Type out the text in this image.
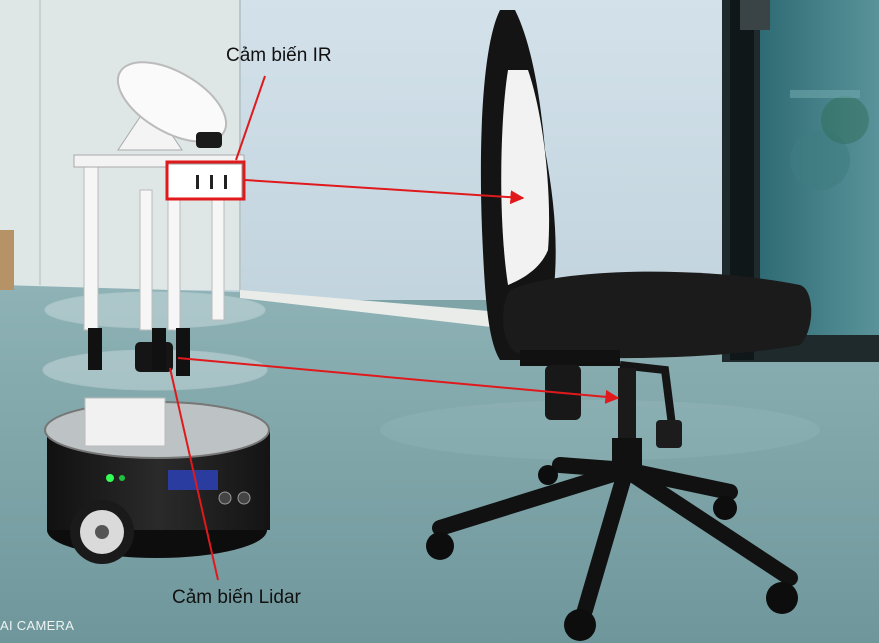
Cảm biến IR
Cảm biến Lidar
AI CAMERA
